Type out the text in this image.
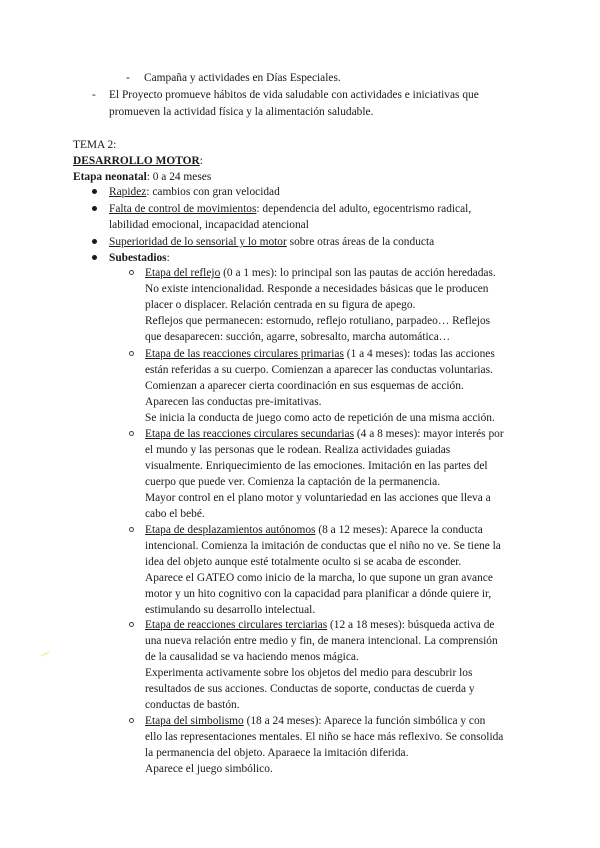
- Campaña y actividades en Días Especiales.
- El Proyecto promueve hábitos de vida saludable con actividades e iniciativas que
promueven la actividad física y la alimentación saludable.
TEMA 2:
DESARROLLO MOTOR:
Etapa neonatal: 0 a 24 meses
Rapidez: cambios con gran velocidad
Falta de control de movimientos: dependencia del adulto, egocentrismo radical,
labilidad emocional, incapacidad atencional
Superioridad de lo sensorial y lo motor sobre otras áreas de la conducta
Subestadios:
Etapa del reflejo (0 a 1 mes): lo principal son las pautas de acción heredadas.
No existe intencionalidad. Responde a necesidades básicas que le producen
placer o displacer. Relación centrada en su figura de apego.
Reflejos que permanecen: estornudo, reflejo rotuliano, parpadeo… Reflejos
que desaparecen: succión, agarre, sobresalto, marcha automática…
Etapa de las reacciones circulares primarias (1 a 4 meses): todas las acciones
están referidas a su cuerpo. Comienzan a aparecer las conductas voluntarias.
Comienzan a aparecer cierta coordinación en sus esquemas de acción.
Aparecen las conductas pre-imitativas.
Se inicia la conducta de juego como acto de repetición de una misma acción.
Etapa de las reacciones circulares secundarias (4 a 8 meses): mayor interés por
el mundo y las personas que le rodean. Realiza actividades guiadas
visualmente. Enriquecimiento de las emociones. Imitación en las partes del
cuerpo que puede ver. Comienza la captación de la permanencia.
Mayor control en el plano motor y voluntariedad en las acciones que lleva a
cabo el bebé.
Etapa de desplazamientos autónomos (8 a 12 meses): Aparece la conducta
intencional. Comienza la imitación de conductas que el niño no ve. Se tiene la
idea del objeto aunque esté totalmente oculto si se acaba de esconder.
Aparece el GATEO como inicio de la marcha, lo que supone un gran avance
motor y un hito cognitivo con la capacidad para planificar a dónde quiere ir,
estimulando su desarrollo intelectual.
Etapa de reacciones circulares terciarias (12 a 18 meses): búsqueda activa de
una nueva relación entre medio y fin, de manera intencional. La comprensión
de la causalidad se va haciendo menos mágica.
Experimenta activamente sobre los objetos del medio para descubrir los
resultados de sus acciones. Conductas de soporte, conductas de cuerda y
conductas de bastón.
Etapa del simbolismo (18 a 24 meses): Aparece la función simbólica y con
ello las representaciones mentales. El niño se hace más reflexivo. Se consolida
la permanencia del objeto. Aparaece la imitación diferida.
Aparece el juego simbólico.
